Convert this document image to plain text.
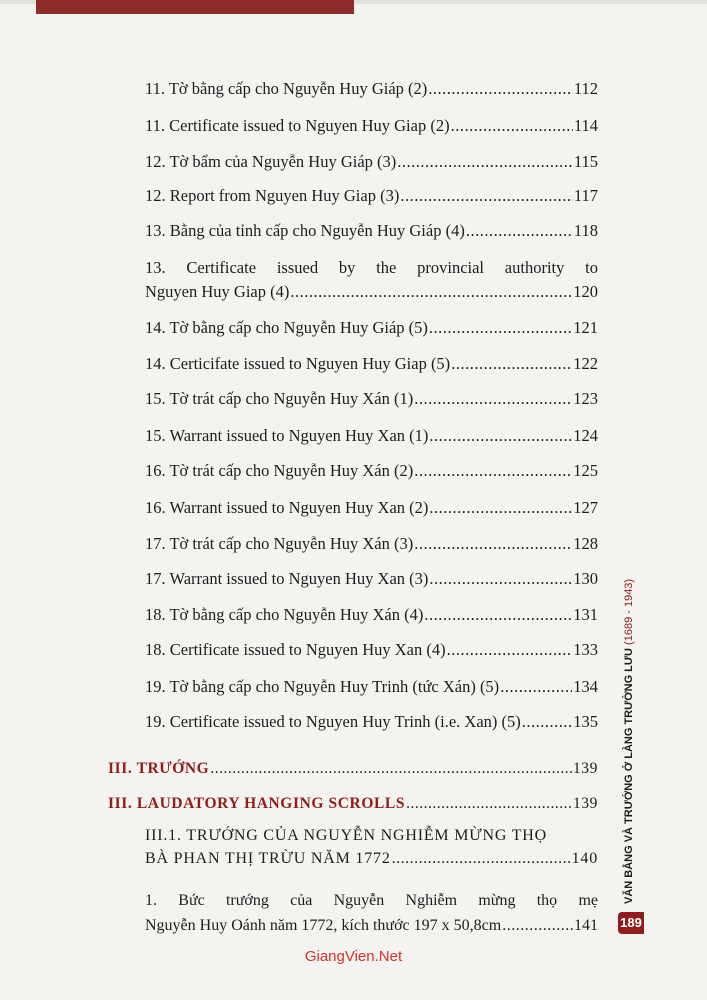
11. Tờ bằng cấp cho Nguyễn Huy Giáp (2) .....	112
11. Certificate issued to Nguyen Huy Giap (2) .....	114
12. Tờ bẩm của Nguyễn Huy Giáp (3) .....	115
12. Report from Nguyen Huy Giap (3) .....	117
13. Bằng của tỉnh cấp cho Nguyễn Huy Giáp (4) .....	118
13. Certificate issued by the provincial authority to
Nguyen Huy Giap (4) .....	120
14. Tờ bằng cấp cho Nguyễn Huy Giáp (5) .....	121
14. Certicifate issued to Nguyen Huy Giap (5) .....	122
15. Tờ trát cấp cho Nguyễn Huy Xán (1) .....	123
15. Warrant issued to Nguyen Huy Xan (1) .....	124
16. Tờ trát cấp cho Nguyễn Huy Xán (2) .....	125
16. Warrant issued to Nguyen Huy Xan (2) .....	127
17. Tờ trát cấp cho Nguyễn Huy Xán (3) .....	128
17. Warrant issued to Nguyen Huy Xan (3) .....	130
18. Tờ bằng cấp cho Nguyễn Huy Xán (4) .....	131
18. Certificate issued to Nguyen Huy Xan (4) .....	133
19. Tờ bằng cấp cho Nguyễn Huy Trinh (tức Xán) (5) .....	134
19. Certificate issued to Nguyen Huy Trinh (i.e. Xan) (5) .....	135
III. TRƯỚNG .....	139
III. LAUDATORY HANGING SCROLLS .....	139
III.1. TRƯỚNG CỦA NGUYỄN NGHIỄM MỪNG THỌ
BÀ PHAN THỊ TRỪU NĂM 1772 .....	140
1. Bức trướng của Nguyễn Nghiễm mừng thọ mẹ
Nguyễn Huy Oánh năm 1772, kích thước 197 x 50,8cm .....	141
VĂN BẰNG VÀ TRƯỚNG Ở LÀNG TRƯỜNG LƯU (1689 - 1943)
189
GiangVien.Net
